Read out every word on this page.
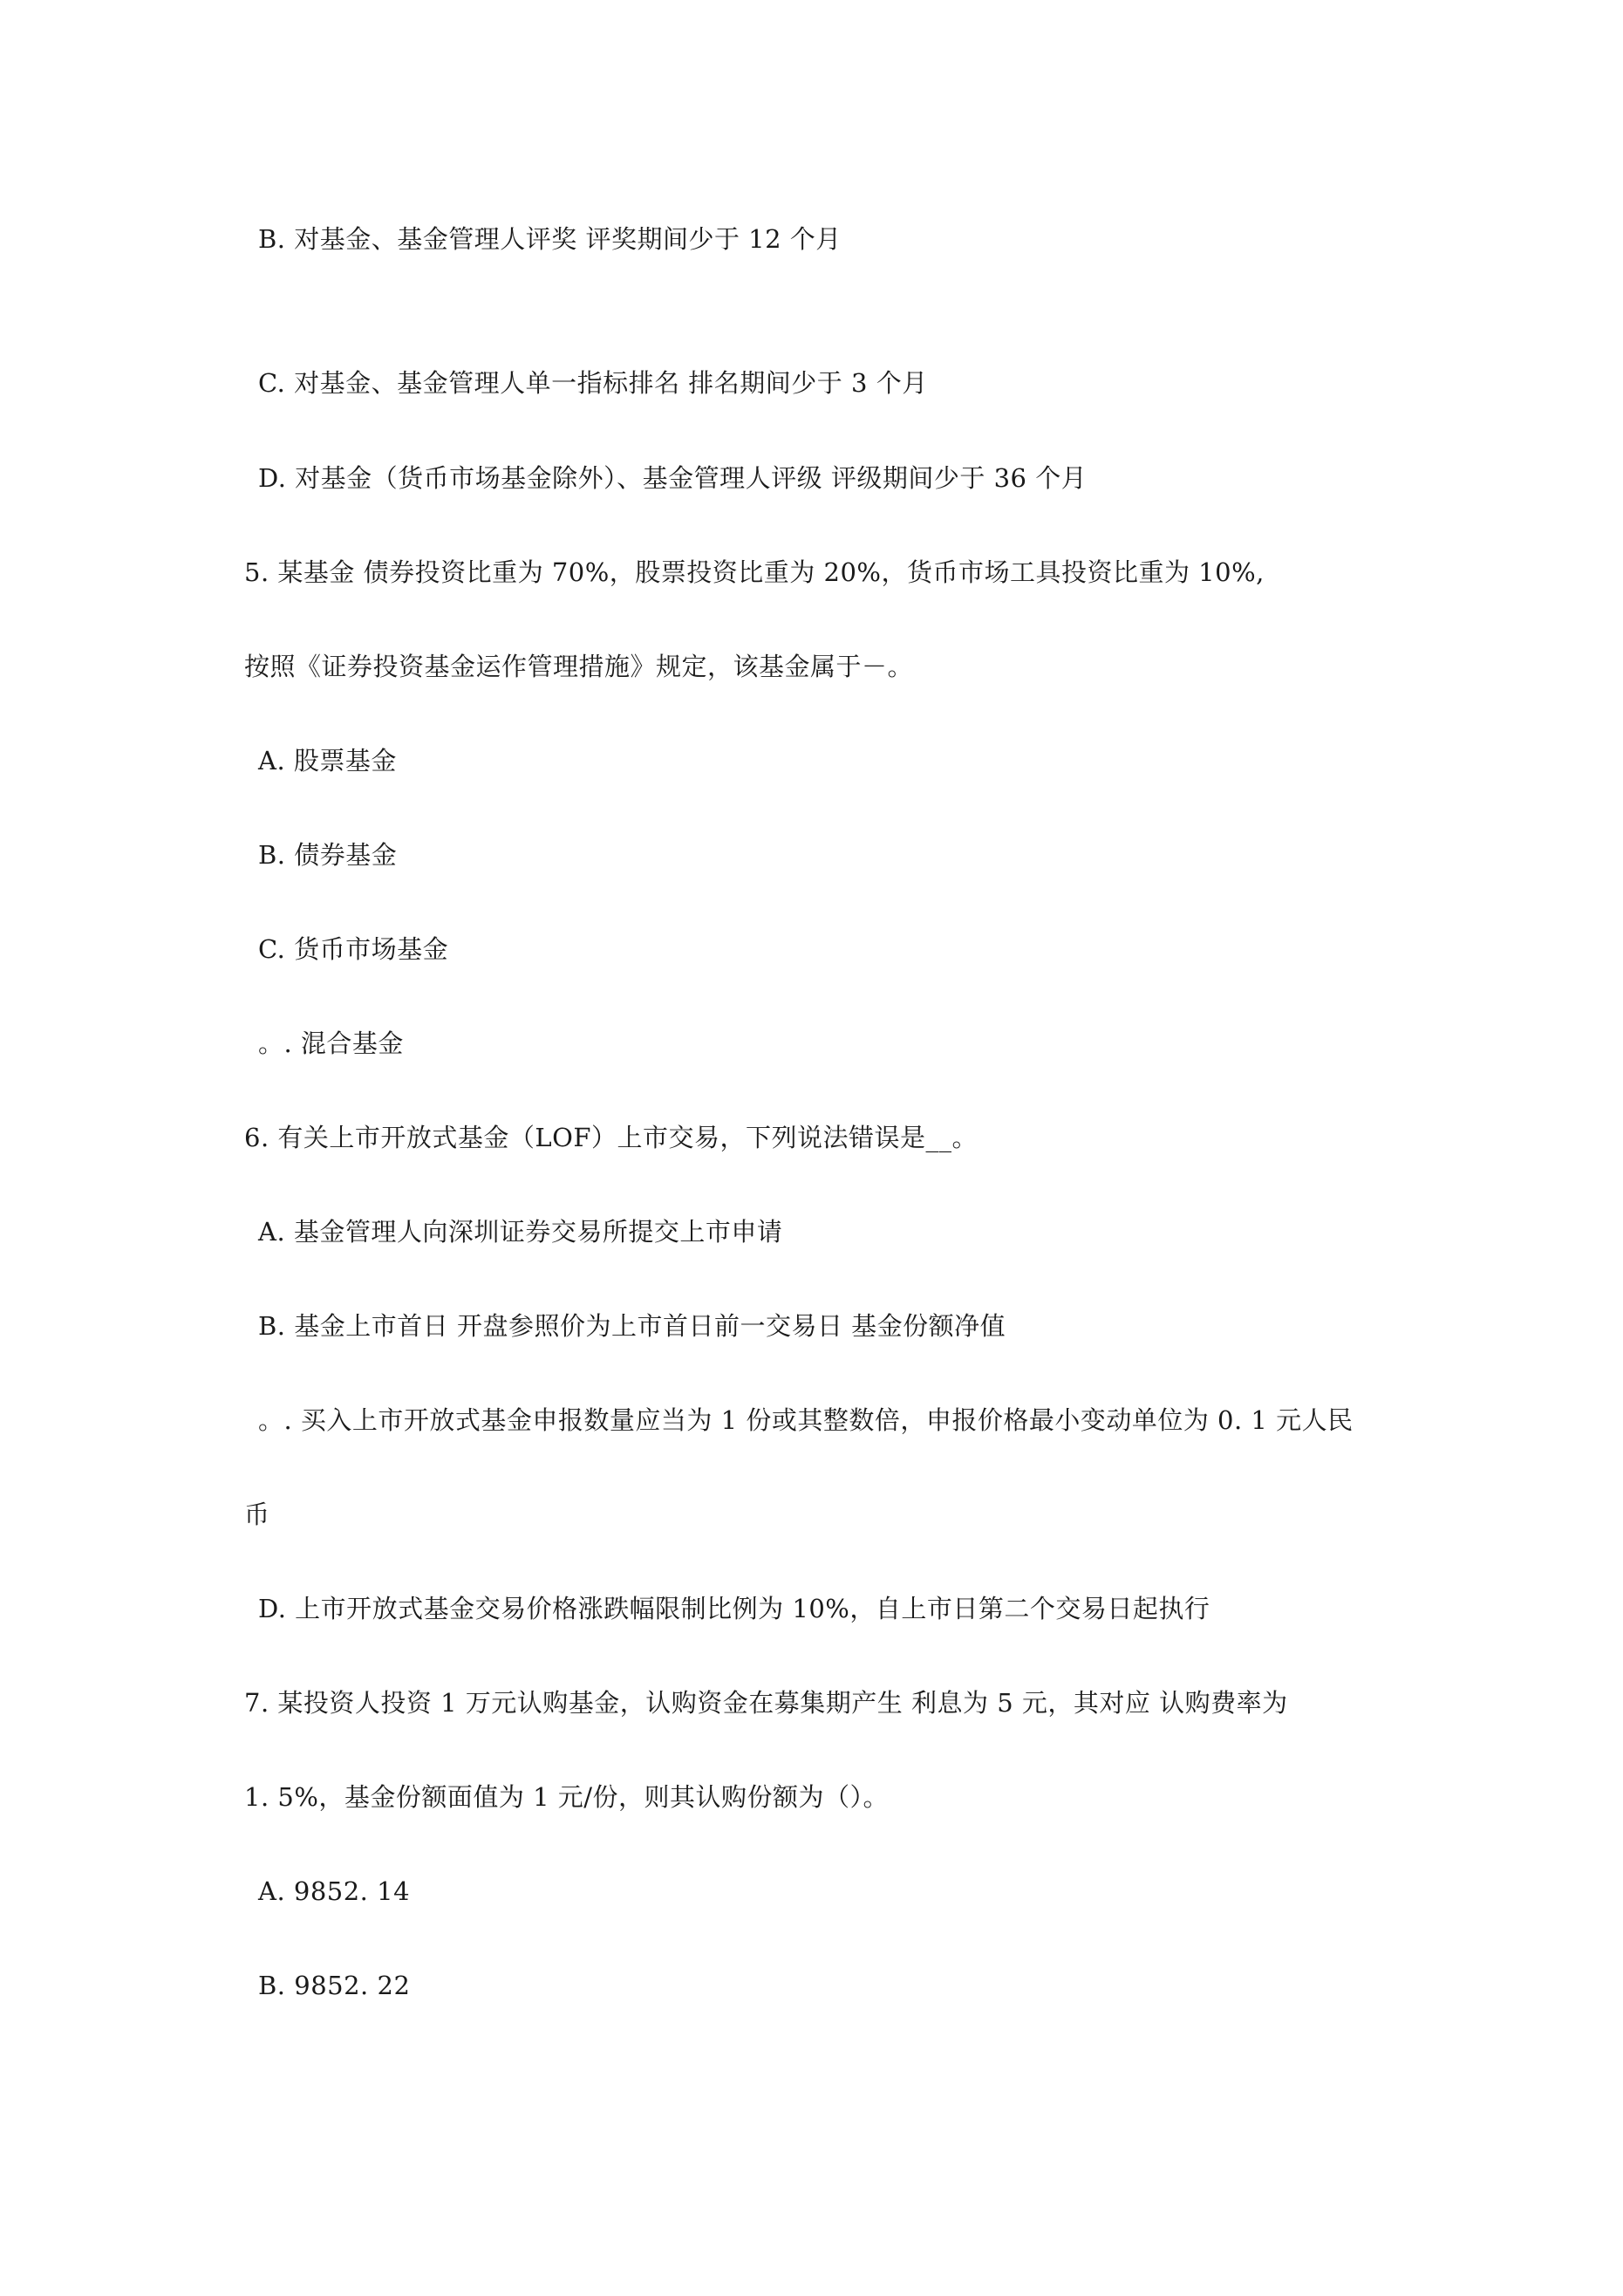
B. 对基金、基金管理人评奖 评奖期间少于 12 个月
C. 对基金、基金管理人单一指标排名 排名期间少于 3 个月
D. 对基金（货币市场基金除外）、基金管理人评级 评级期间少于 36 个月
5. 某基金 债券投资比重为 70%，股票投资比重为 20%，货币市场工具投资比重为 10%,
按照《证券投资基金运作管理措施》规定，该基金属于－。
A. 股票基金
B. 债券基金
C. 货币市场基金
。. 混合基金
6. 有关上市开放式基金（LOF）上市交易，下列说法错误是__。
A. 基金管理人向深圳证券交易所提交上市申请
B. 基金上市首日 开盘参照价为上市首日前一交易日 基金份额净值
。. 买入上市开放式基金申报数量应当为 1 份或其整数倍，申报价格最小变动单位为 0. 1 元人民
币
D. 上市开放式基金交易价格涨跌幅限制比例为 10%，自上市日第二个交易日起执行
7. 某投资人投资 1 万元认购基金，认购资金在募集期产生 利息为 5 元，其对应 认购费率为
1. 5%，基金份额面值为 1 元/份，则其认购份额为（）。
A. 9852. 14
B. 9852. 22
